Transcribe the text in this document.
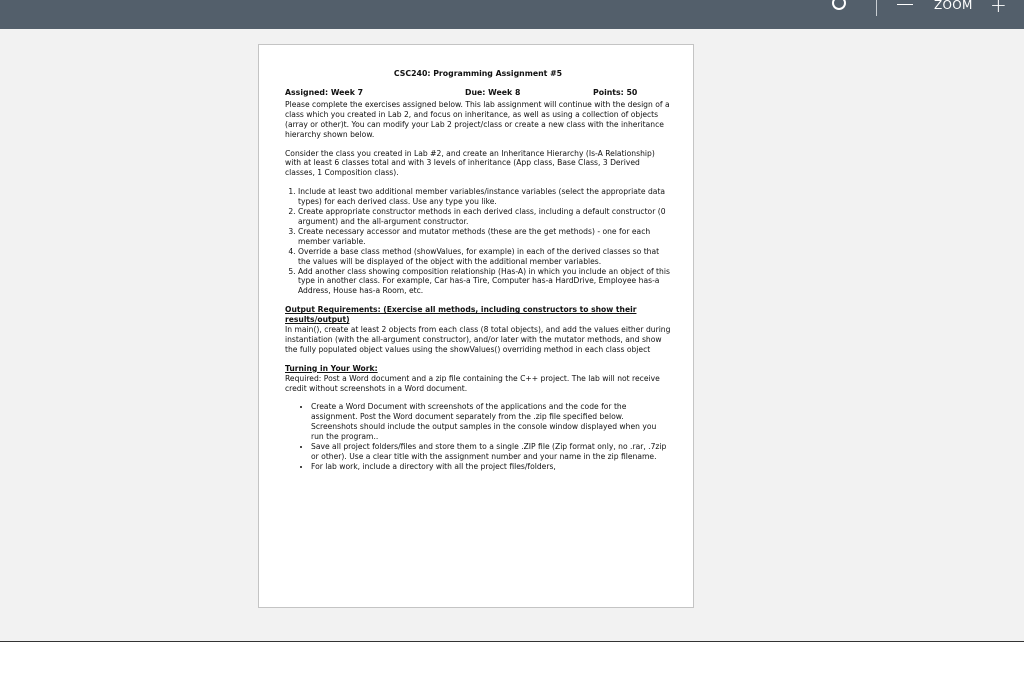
ZOOM +
CSC240: Programming Assignment #5
Assigned: Week 7	Due: Week 8	Points: 50

Please complete the exercises assigned below. This lab assignment will continue with the design of a class which you created in Lab 2, and focus on inheritance, as well as using a collection of objects (array or other)t. You can modify your Lab 2 project/class or create a new class with the inheritance hierarchy shown below.

Consider the class you created in Lab #2, and create an Inheritance Hierarchy (Is-A Relationship) with at least 6 classes total and with 3 levels of inheritance (App class, Base Class, 3 Derived classes, 1 Composition class).

1. Include at least two additional member variables/instance variables (select the appropriate data types) for each derived class. Use any type you like.
2. Create appropriate constructor methods in each derived class, including a default constructor (0 argument) and the all-argument constructor.
3. Create necessary accessor and mutator methods (these are the get methods) - one for each member variable.
4. Override a base class method (showValues, for example) in each of the derived classes so that the values will be displayed of the object with the additional member variables.
5. Add another class showing composition relationship (Has-A) in which you include an object of this type in another class. For example, Car has-a Tire, Computer has-a HardDrive, Employee has-a Address, House has-a Room, etc.
Output Requirements: (Exercise all methods, including constructors to show their results/output)
In main(), create at least 2 objects from each class (8 total objects), and add the values either during instantiation (with the all-argument constructor), and/or later with the mutator methods, and show the fully populated object values using the showValues() overriding method in each class object
Turning in Your Work:
Required: Post a Word document and a zip file containing the C++ project. The lab will not receive credit without screenshots in a Word document.
• Create a Word Document with screenshots of the applications and the code for the assignment. Post the Word document separately from the .zip file specified below. Screenshots should include the output samples in the console window displayed when you run the program..
• Save all project folders/files and store them to a single .ZIP file (Zip format only, no .rar, .7zip or other). Use a clear title with the assignment number and your name in the zip filename.
• For lab work, include a directory with all the project files/folders,
